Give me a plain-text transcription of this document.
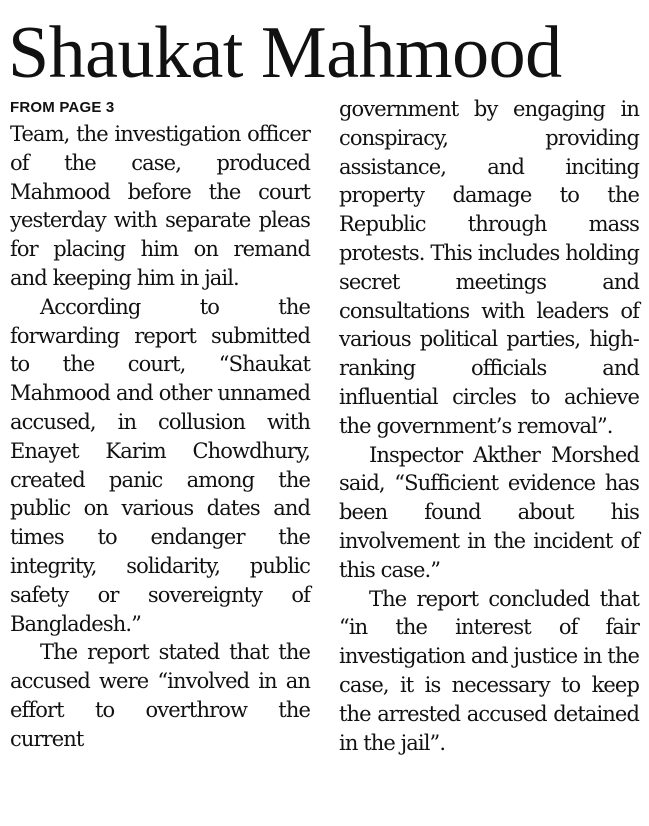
Shaukat Mahmood
FROM PAGE 3

Team, the investigation officer of the case, produced Mahmood before the court yesterday with separate pleas for placing him on remand and keeping him in jail.

According to the forwarding report submitted to the court, “Shaukat Mahmood and other unnamed accused, in collusion with Enayet Karim Chowdhury, created panic among the public on various dates and times to endanger the integrity, solidarity, public safety or sovereignty of Bangladesh.”

The report stated that the accused were “involved in an effort to overthrow the current

government by engaging in conspiracy, providing assistance, and inciting property damage to the Republic through mass protests. This includes holding secret meetings and consultations with leaders of various political parties, high-ranking officials and influential circles to achieve the government’s removal”.

Inspector Akther Morshed said, “Sufficient evidence has been found about his involvement in the incident of this case.”

The report concluded that “in the interest of fair investigation and justice in the case, it is necessary to keep the arrested accused detained in the jail”.
